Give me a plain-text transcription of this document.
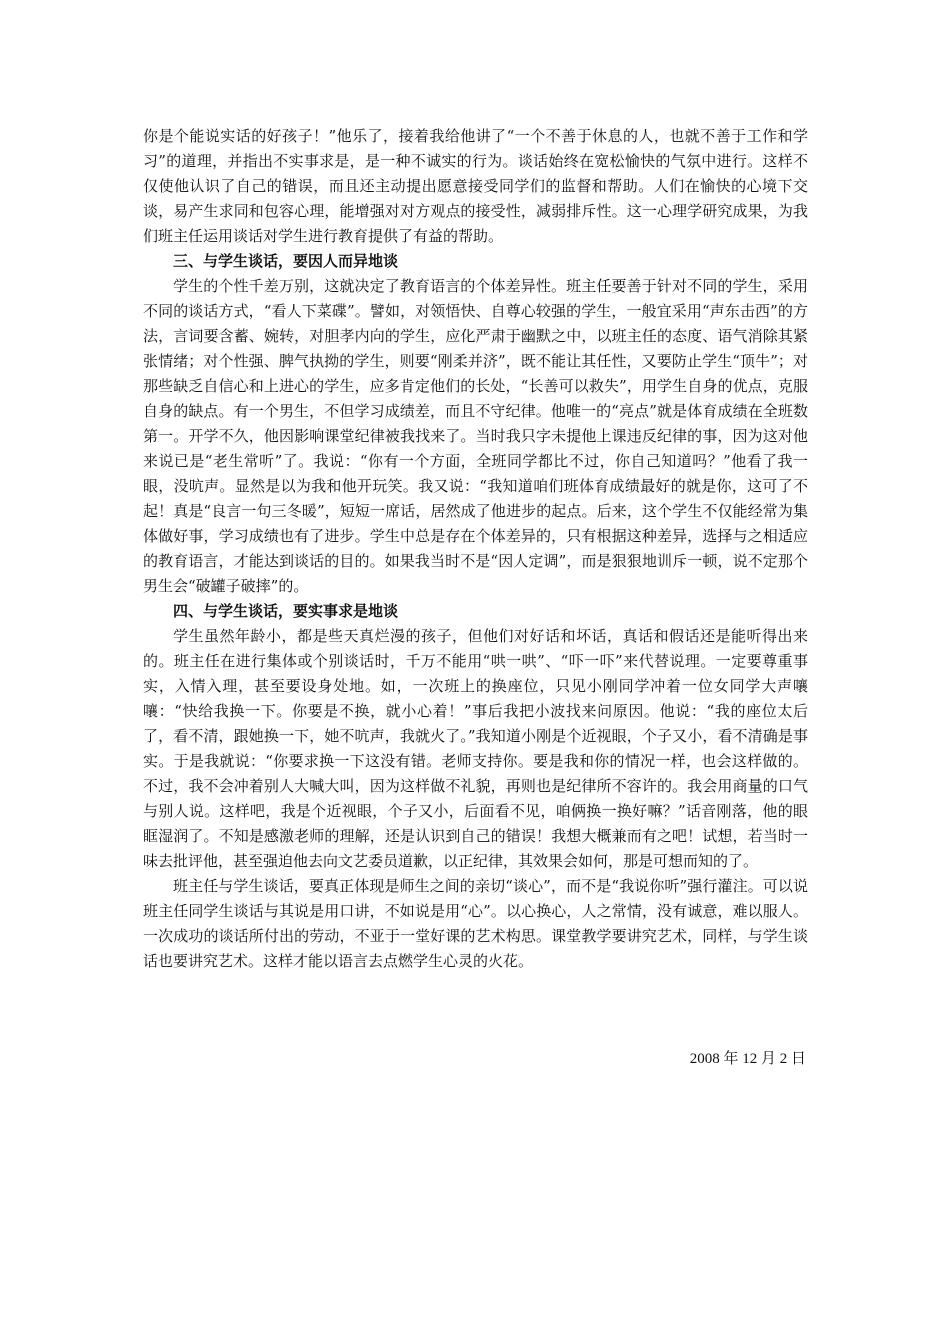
你是个能说实话的好孩子！”他乐了，接着我给他讲了“一个不善于休息的人，也就不善于工作和学习”的道理，并指出不实事求是，是一种不诚实的行为。谈话始终在宽松愉快的气氛中进行。这样不仅使他认识了自己的错误，而且还主动提出愿意接受同学们的监督和帮助。人们在愉快的心境下交谈，易产生求同和包容心理，能增强对对方观点的接受性，减弱排斥性。这一心理学研究成果，为我们班主任运用谈话对学生进行教育提供了有益的帮助。

三、与学生谈话，要因人而异地谈

学生的个性千差万别，这就决定了教育语言的个体差异性。班主任要善于针对不同的学生，采用不同的谈话方式，“看人下菜碟”。譬如，对领悟快、自尊心较强的学生，一般宜采用“声东击西”的方法，言词要含蓄、婉转，对胆孝内向的学生，应化严肃于幽默之中，以班主任的态度、语气消除其紧张情绪；对个性强、脾气执拗的学生，则要“刚柔并济”，既不能让其任性，又要防止学生“顶牛”；对那些缺乏自信心和上进心的学生，应多肯定他们的长处，“长善可以救失”，用学生自身的优点，克服自身的缺点。有一个男生，不但学习成绩差，而且不守纪律。他唯一的“亮点”就是体育成绩在全班数第一。开学不久，他因影响课堂纪律被我找来了。当时我只字未提他上课违反纪律的事，因为这对他来说已是“老生常听”了。我说：“你有一个方面，全班同学都比不过，你自己知道吗？”他看了我一眼，没吭声。显然是以为我和他开玩笑。我又说：“我知道咱们班体育成绩最好的就是你，这可了不起！真是“良言一句三冬暖”，短短一席话，居然成了他进步的起点。后来，这个学生不仅能经常为集体做好事，学习成绩也有了进步。学生中总是存在个体差异的，只有根据这种差异，选择与之相适应的教育语言，才能达到谈话的目的。如果我当时不是“因人定调”，而是狠狠地训斥一顿，说不定那个男生会“破罐子破摔”的。

四、与学生谈话，要实事求是地谈

学生虽然年龄小，都是些天真烂漫的孩子，但他们对好话和坏话，真话和假话还是能听得出来的。班主任在进行集体或个别谈话时，千万不能用“哄一哄”、“吓一吓”来代替说理。一定要尊重事实，入情入理，甚至要设身处地。如，一次班上的换座位，只见小刚同学冲着一位女同学大声嚷嚷：“快给我换一下。你要是不换，就小心着！”事后我把小波找来问原因。他说：“我的座位太后了，看不清，跟她换一下，她不吭声，我就火了。”我知道小刚是个近视眼，个子又小，看不清确是事实。于是我就说：“你要求换一下这没有错。老师支持你。要是我和你的情况一样，也会这样做的。不过，我不会冲着别人大喊大叫，因为这样做不礼貌，再则也是纪律所不容许的。我会用商量的口气与别人说。这样吧，我是个近视眼，个子又小，后面看不见，咱俩换一换好嘛？”话音刚落，他的眼眶湿润了。不知是感激老师的理解，还是认识到自己的错误！我想大概兼而有之吧！试想，若当时一味去批评他，甚至强迫他去向文艺委员道歉，以正纪律，其效果会如何，那是可想而知的了。

班主任与学生谈话，要真正体现是师生之间的亲切“谈心”，而不是“我说你听”强行灌注。可以说班主任同学生谈话与其说是用口讲，不如说是用“心”。以心换心，人之常情，没有诚意，难以服人。一次成功的谈话所付出的劳动，不亚于一堂好课的艺术构思。课堂教学要讲究艺术，同样，与学生谈话也要讲究艺术。这样才能以语言去点燃学生心灵的火花。

2008 年 12 月 2 日
